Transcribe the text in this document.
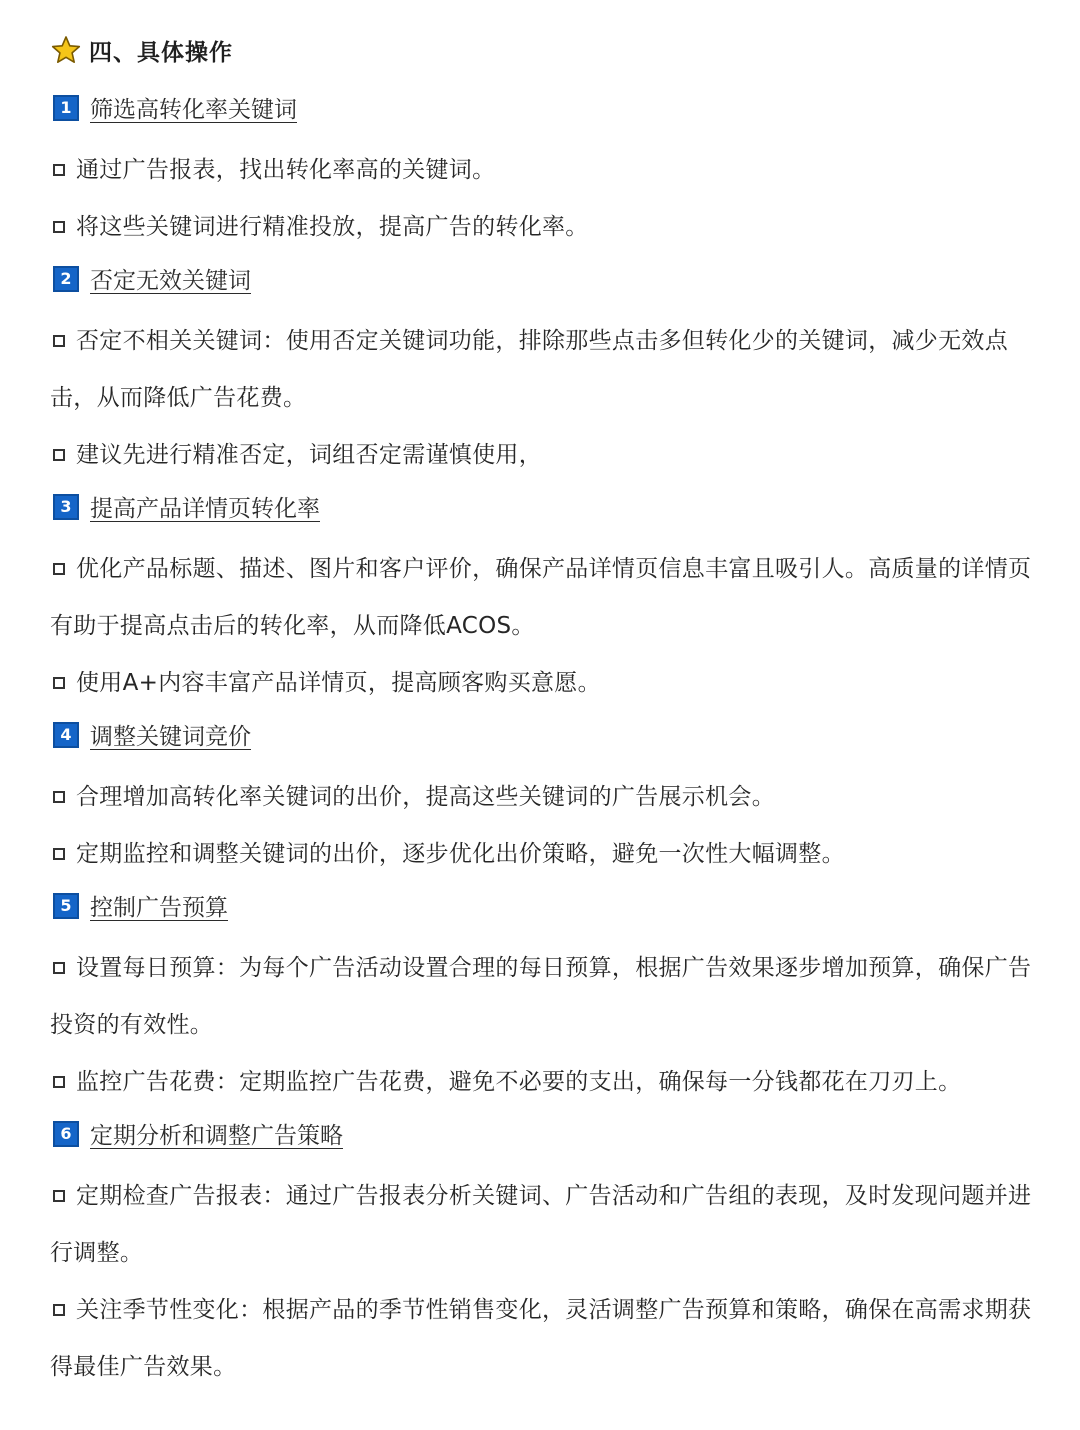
四、具体操作
1 筛选高转化率关键词

通过广告报表，找出转化率高的关键词。

将这些关键词进行精准投放，提高广告的转化率。

2 否定无效关键词

否定不相关关键词：使用否定关键词功能，排除那些点击多但转化少的关键词，减少无效点击，从而降低广告花费。

建议先进行精准否定，词组否定需谨慎使用，

3 提高产品详情页转化率

优化产品标题、描述、图片和客户评价，确保产品详情页信息丰富且吸引人。高质量的详情页有助于提高点击后的转化率，从而降低ACOS。

使用A+内容丰富产品详情页，提高顾客购买意愿。

4 调整关键词竞价

合理增加高转化率关键词的出价，提高这些关键词的广告展示机会。

定期监控和调整关键词的出价，逐步优化出价策略，避免一次性大幅调整。

5 控制广告预算

设置每日预算：为每个广告活动设置合理的每日预算，根据广告效果逐步增加预算，确保广告投资的有效性。

监控广告花费：定期监控广告花费，避免不必要的支出，确保每一分钱都花在刀刃上。

6 定期分析和调整广告策略

定期检查广告报表：通过广告报表分析关键词、广告活动和广告组的表现，及时发现问题并进行调整。

关注季节性变化：根据产品的季节性销售变化，灵活调整广告预算和策略，确保在高需求期获得最佳广告效果。
